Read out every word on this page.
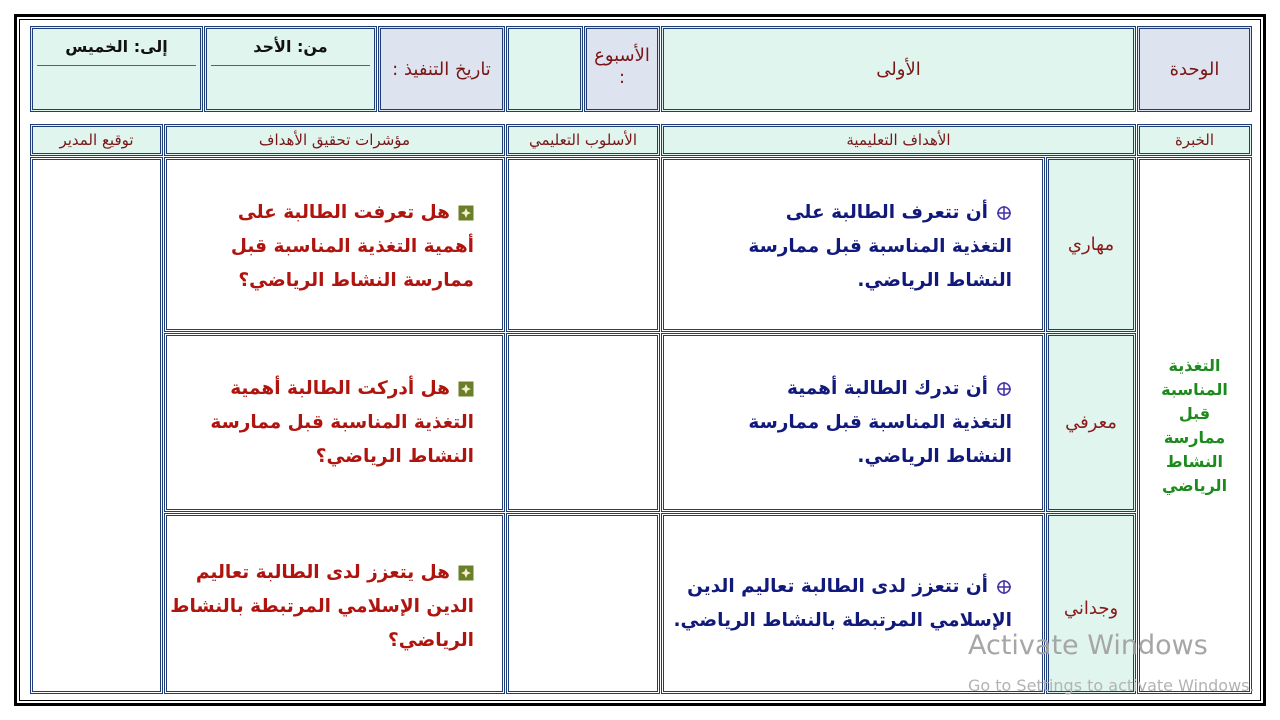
الوحدة
الأولى
الأسبوع
:
تاريخ التنفيذ :
من: الأحد
إلى: الخميس
الخبرة
الأهداف التعليمية
الأسلوب التعليمي
مؤشرات تحقيق الأهداف
توقيع المدير
التغذية المناسبة قبل ممارسة النشاط الرياضي
مهاري
معرفي
وجداني
أن تتعرف الطالبة على التغذية المناسبة قبل ممارسة النشاط الرياضي.
أن تدرك الطالبة أهمية التغذية المناسبة قبل ممارسة النشاط الرياضي.
أن تتعزز لدى الطالبة تعاليم الدين الإسلامي المرتبطة بالنشاط الرياضي.
هل تعرفت الطالبة على أهمية التغذية المناسبة قبل ممارسة النشاط الرياضي؟
هل أدركت الطالبة أهمية التغذية المناسبة قبل ممارسة النشاط الرياضي؟
هل يتعزز لدى الطالبة تعاليم الدين الإسلامي المرتبطة بالنشاط الرياضي؟	Activate Windows
Go to Settings to activate Windows.
